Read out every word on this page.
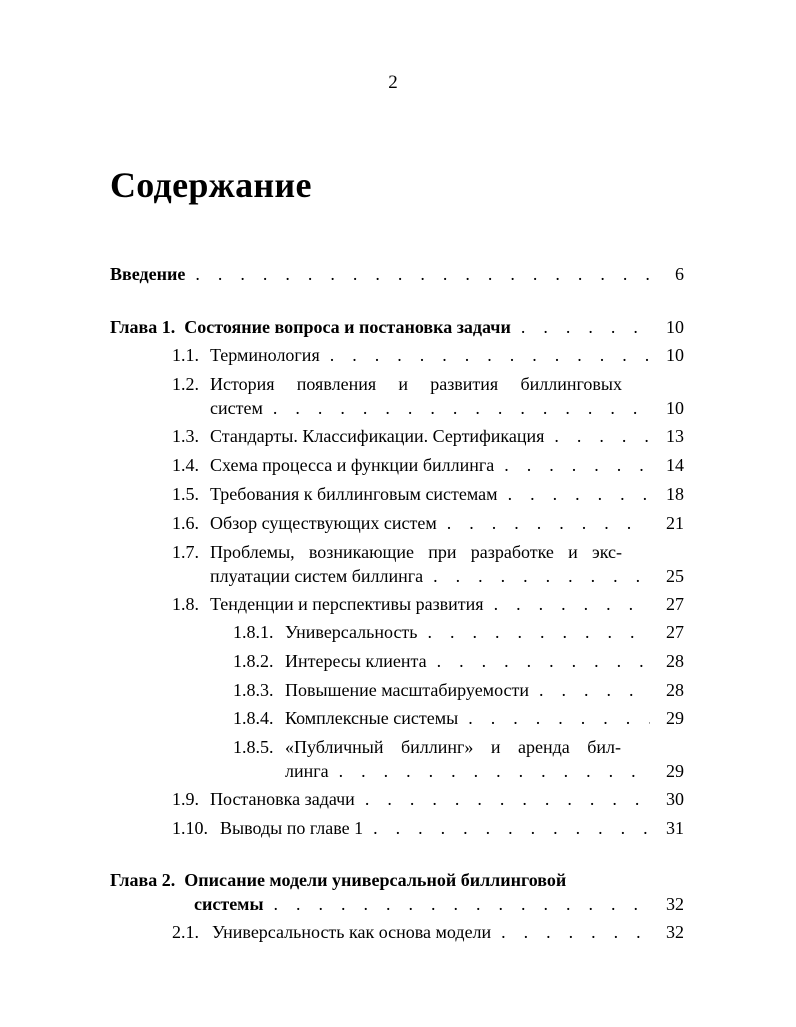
2
Содержание
Введение .	6
Глава 1 . Состояние вопроса и постановка задачи .	10
1.1. Терминология .	10
1.2. История появления и развития биллинговых
систем .	10
1.3. Стандарты. Классификации. Сертификация .	13
1.4. Схема процесса и функции биллинга .	14
1.5. Требования к биллинговым системам .	18
1.6. Обзор существующих систем .	21
1.7. Проблемы, возникающие при разработке и экс-
плуатации систем биллинга .	25
1.8. Тенденции и перспективы развития .	27
1.8.1. Универсальность .	27
1.8.2. Интересы клиента .	28
1.8.3. Повышение масштабируемости .	28
1.8.4. Комплексные системы .	29
1.8.5. «Публичный биллинг» и аренда бил-
линга .	29
1.9. Постановка задачи .	30
1.10. Выводы по главе 1 .	31
Глава 2 . Описание модели универсальной биллинговой
системы .	32
2.1. Универсальность как основа модели .	32
